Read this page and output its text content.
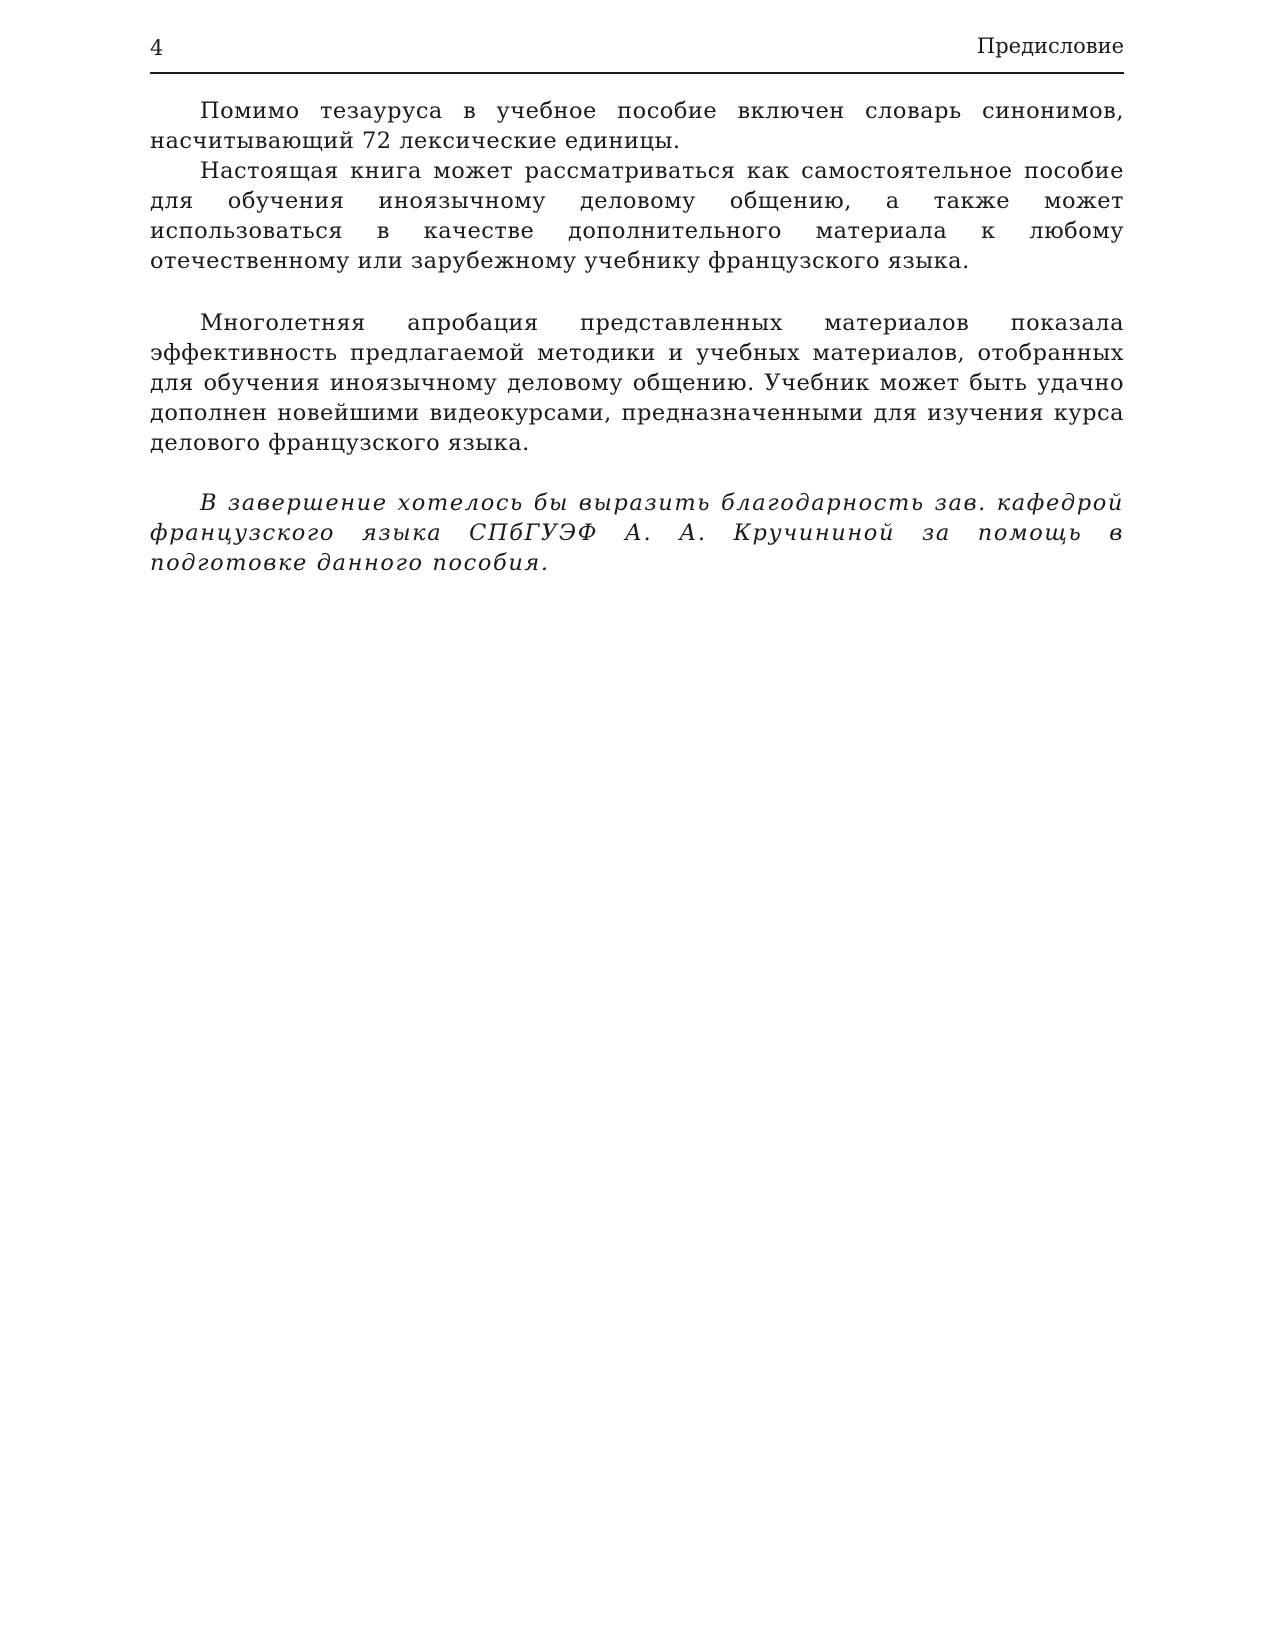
4	Предисловие

Помимо тезауруса в учебное пособие включен словарь синонимов, насчитывающий 72 лексические единицы.

Настоящая книга может рассматриваться как самостоятельное пособие для обучения иноязычному деловому общению, а также может использоваться в качестве дополнительного материала к любому отечественному или зарубежному учебнику французского языка.

Многолетняя апробация представленных материалов показала эффективность предлагаемой методики и учебных материалов, отобранных для обучения иноязычному деловому общению. Учебник может быть удачно дополнен новейшими видеокурсами, предназначенными для изучения курса делового французского языка.

В завершение хотелось бы выразить благодарность зав. кафедрой французского языка СПбГУЭФ А. А. Кручининой за помощь в подготовке данного пособия.
